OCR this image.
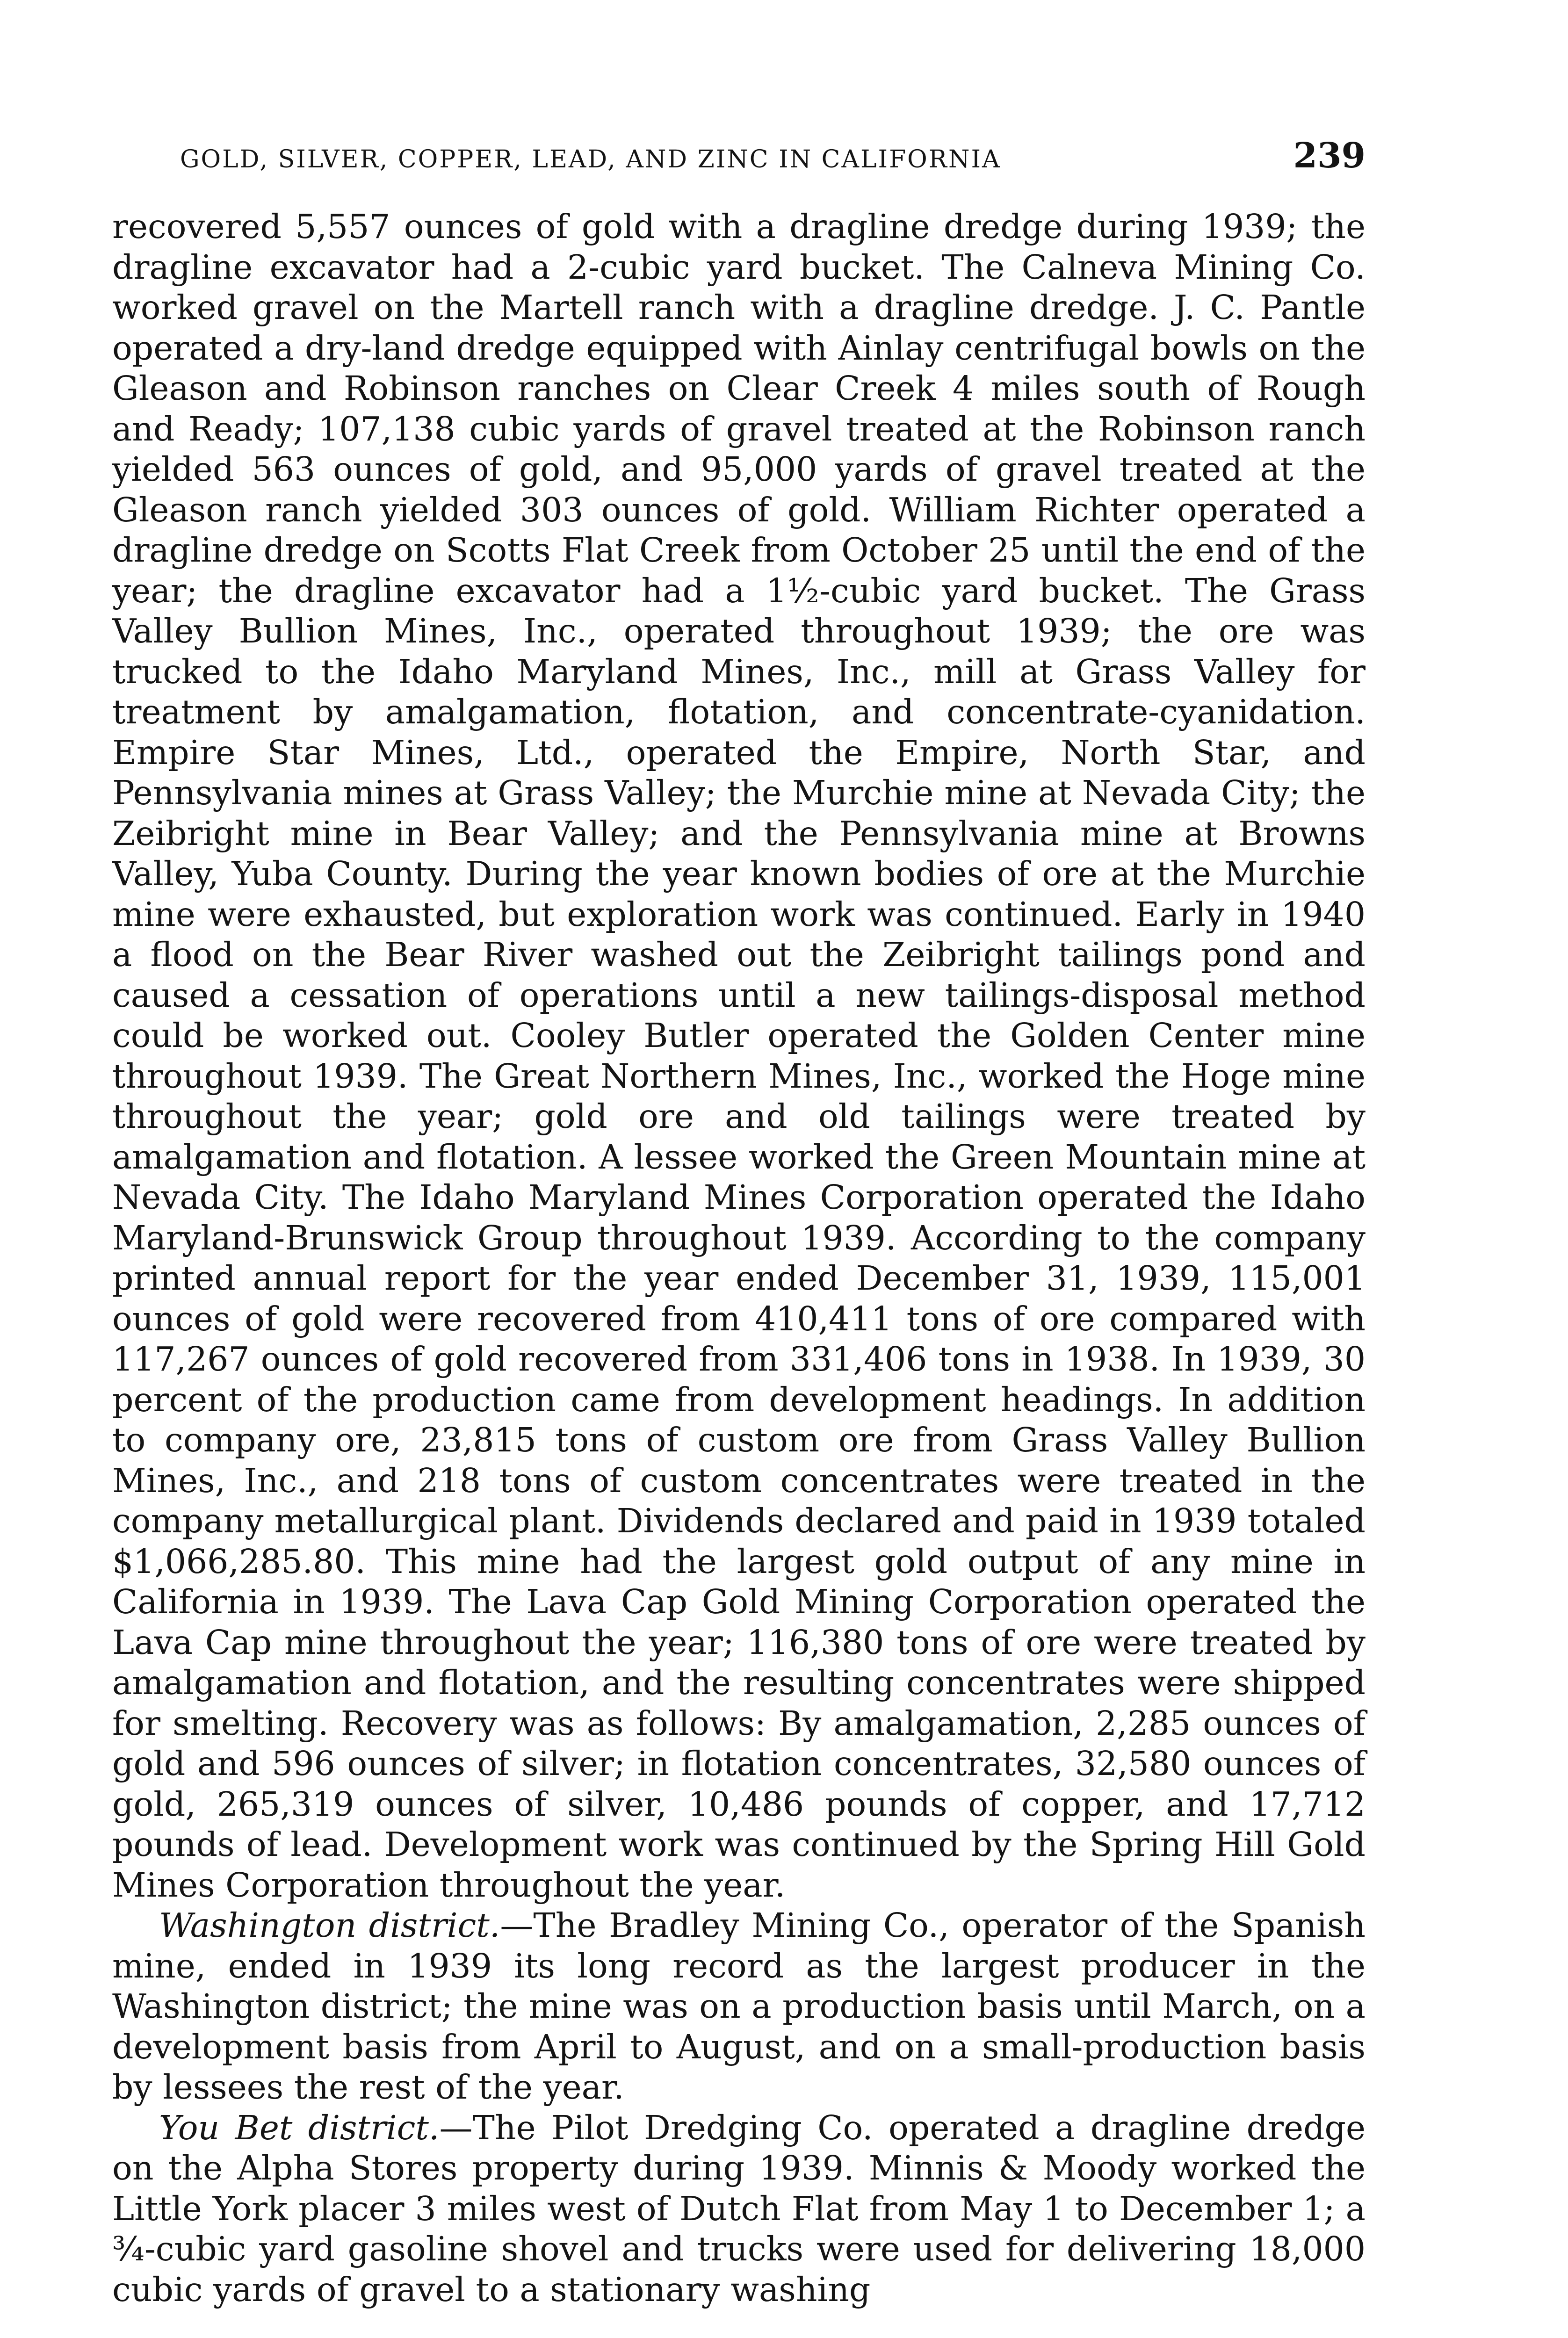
GOLD, SILVER, COPPER, LEAD, AND ZINC IN CALIFORNIA	239

recovered 5,557 ounces of gold with a dragline dredge during 1939; the dragline excavator had a 2-cubic yard bucket. The Calneva Mining Co. worked gravel on the Martell ranch with a dragline dredge. J. C. Pantle operated a dry-land dredge equipped with Ainlay centrifugal bowls on the Gleason and Robinson ranches on Clear Creek 4 miles south of Rough and Ready; 107,138 cubic yards of gravel treated at the Robinson ranch yielded 563 ounces of gold, and 95,000 yards of gravel treated at the Gleason ranch yielded 303 ounces of gold. William Richter operated a dragline dredge on Scotts Flat Creek from October 25 until the end of the year; the dragline excavator had a 1½-cubic yard bucket. The Grass Valley Bullion Mines, Inc., operated throughout 1939; the ore was trucked to the Idaho Maryland Mines, Inc., mill at Grass Valley for treatment by amalgamation, flotation, and concentrate-cyanidation. Empire Star Mines, Ltd., operated the Empire, North Star, and Pennsylvania mines at Grass Valley; the Murchie mine at Nevada City; the Zeibright mine in Bear Valley; and the Pennsylvania mine at Browns Valley, Yuba County. During the year known bodies of ore at the Murchie mine were exhausted, but exploration work was continued. Early in 1940 a flood on the Bear River washed out the Zeibright tailings pond and caused a cessation of operations until a new tailings-disposal method could be worked out. Cooley Butler operated the Golden Center mine throughout 1939. The Great Northern Mines, Inc., worked the Hoge mine throughout the year; gold ore and old tailings were treated by amalgamation and flotation. A lessee worked the Green Mountain mine at Nevada City. The Idaho Maryland Mines Corporation operated the Idaho Maryland-Brunswick Group throughout 1939. According to the company printed annual report for the year ended December 31, 1939, 115,001 ounces of gold were recovered from 410,411 tons of ore compared with 117,267 ounces of gold recovered from 331,406 tons in 1938. In 1939, 30 percent of the production came from development headings. In addition to company ore, 23,815 tons of custom ore from Grass Valley Bullion Mines, Inc., and 218 tons of custom concentrates were treated in the company metallurgical plant. Dividends declared and paid in 1939 totaled $1,066,285.80. This mine had the largest gold output of any mine in California in 1939. The Lava Cap Gold Mining Corporation operated the Lava Cap mine throughout the year; 116,380 tons of ore were treated by amalgamation and flotation, and the resulting concentrates were shipped for smelting. Recovery was as follows: By amalgamation, 2,285 ounces of gold and 596 ounces of silver; in flotation concentrates, 32,580 ounces of gold, 265,319 ounces of silver, 10,486 pounds of copper, and 17,712 pounds of lead. Development work was continued by the Spring Hill Gold Mines Corporation throughout the year.

Washington district.—The Bradley Mining Co., operator of the Spanish mine, ended in 1939 its long record as the largest producer in the Washington district; the mine was on a production basis until March, on a development basis from April to August, and on a small-production basis by lessees the rest of the year.

You Bet district.—The Pilot Dredging Co. operated a dragline dredge on the Alpha Stores property during 1939. Minnis & Moody worked the Little York placer 3 miles west of Dutch Flat from May 1 to December 1; a ¾-cubic yard gasoline shovel and trucks were used for delivering 18,000 cubic yards of gravel to a stationary washing
